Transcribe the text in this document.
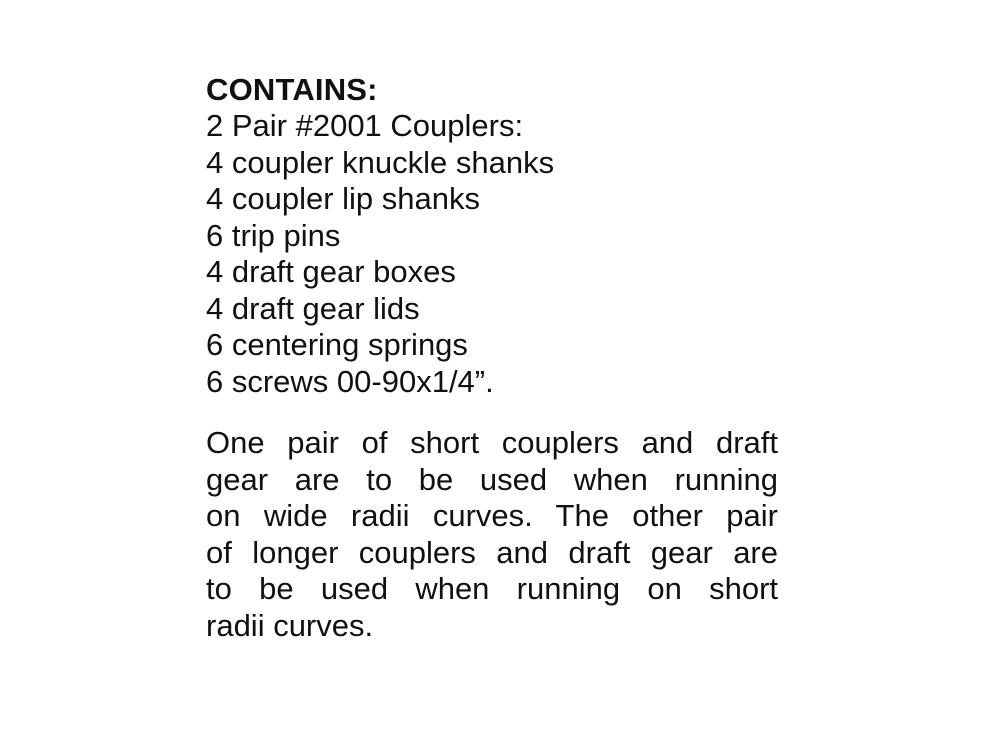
CONTAINS:
2 Pair #2001 Couplers:
4 coupler knuckle shanks
4 coupler lip shanks
6 trip pins
4 draft gear boxes
4 draft gear lids
6 centering springs
6 screws 00-90x1/4”.
One pair of short couplers and draft
gear are to be used when running
on wide radii curves. The other pair
of longer couplers and draft gear are
to be used when running on short
radii curves.
